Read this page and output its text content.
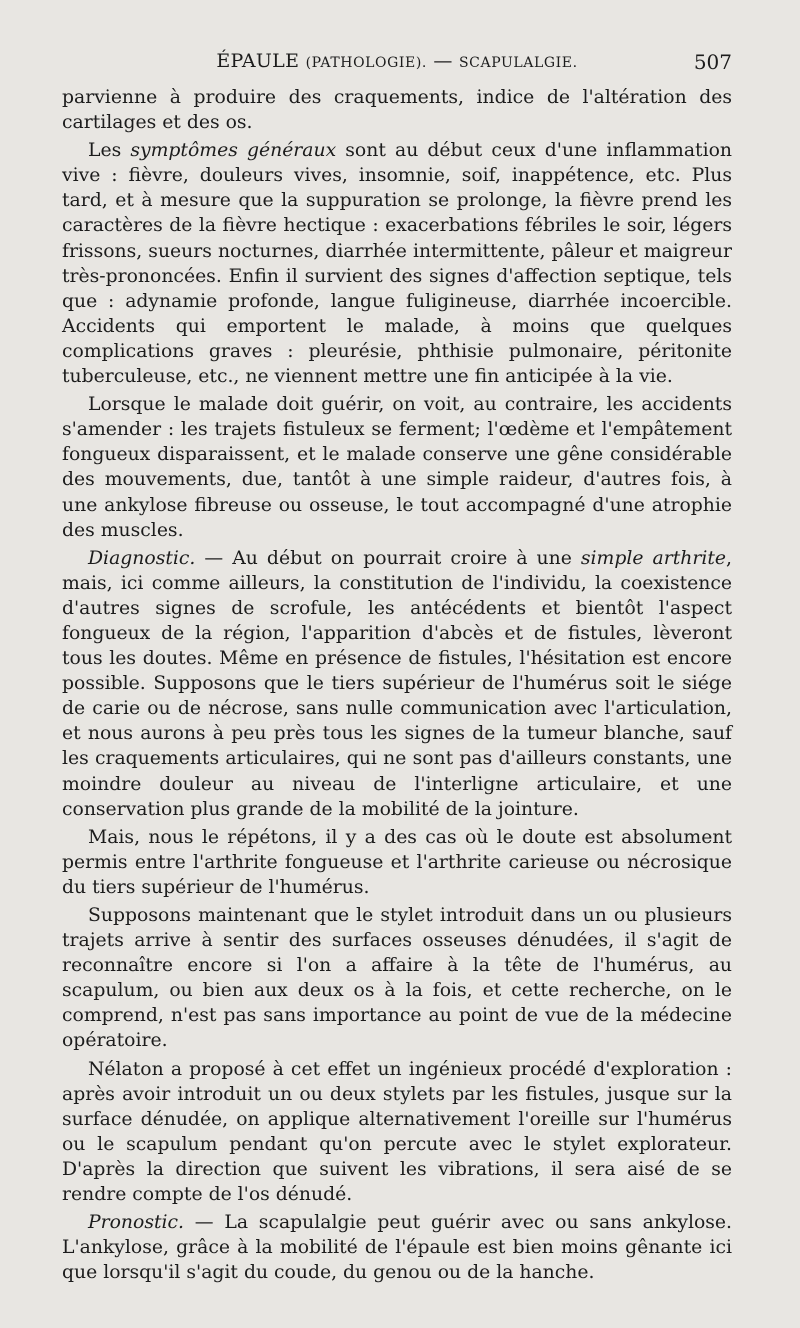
ÉPAULE (PATHOLOGIE). — SCAPULALGIE.	507

parvienne à produire des craquements, indice de l'altération des cartilages et des os.

Les symptômes généraux sont au début ceux d'une inflammation vive : fièvre, douleurs vives, insomnie, soif, inappétence, etc. Plus tard, et à mesure que la suppuration se prolonge, la fièvre prend les caractères de la fièvre hectique : exacerbations fébriles le soir, légers frissons, sueurs nocturnes, diarrhée intermittente, pâleur et maigreur très-prononcées. Enfin il survient des signes d'affection septique, tels que : adynamie profonde, langue fuligineuse, diarrhée incoercible. Accidents qui emportent le malade, à moins que quelques complications graves : pleurésie, phthisie pulmonaire, péritonite tuberculeuse, etc., ne viennent mettre une fin anticipée à la vie.

Lorsque le malade doit guérir, on voit, au contraire, les accidents s'amender : les trajets fistuleux se ferment; l'œdème et l'empâtement fongueux disparaissent, et le malade conserve une gêne considérable des mouvements, due, tantôt à une simple raideur, d'autres fois, à une ankylose fibreuse ou osseuse, le tout accompagné d'une atrophie des muscles.

Diagnostic. — Au début on pourrait croire à une simple arthrite, mais, ici comme ailleurs, la constitution de l'individu, la coexistence d'autres signes de scrofule, les antécédents et bientôt l'aspect fongueux de la région, l'apparition d'abcès et de fistules, lèveront tous les doutes. Même en présence de fistules, l'hésitation est encore possible. Supposons que le tiers supérieur de l'humérus soit le siége de carie ou de nécrose, sans nulle communication avec l'articulation, et nous aurons à peu près tous les signes de la tumeur blanche, sauf les craquements articulaires, qui ne sont pas d'ailleurs constants, une moindre douleur au niveau de l'interligne articulaire, et une conservation plus grande de la mobilité de la jointure.

Mais, nous le répétons, il y a des cas où le doute est absolument permis entre l'arthrite fongueuse et l'arthrite carieuse ou nécrosique du tiers supérieur de l'humérus.

Supposons maintenant que le stylet introduit dans un ou plusieurs trajets arrive à sentir des surfaces osseuses dénudées, il s'agit de reconnaître encore si l'on a affaire à la tête de l'humérus, au scapulum, ou bien aux deux os à la fois, et cette recherche, on le comprend, n'est pas sans importance au point de vue de la médecine opératoire.

Nélaton a proposé à cet effet un ingénieux procédé d'exploration : après avoir introduit un ou deux stylets par les fistules, jusque sur la surface dénudée, on applique alternativement l'oreille sur l'humérus ou le scapulum pendant qu'on percute avec le stylet explorateur. D'après la direction que suivent les vibrations, il sera aisé de se rendre compte de l'os dénudé.

Pronostic. — La scapulalgie peut guérir avec ou sans ankylose. L'ankylose, grâce à la mobilité de l'épaule est bien moins gênante ici que lorsqu'il s'agit du coude, du genou ou de la hanche.
